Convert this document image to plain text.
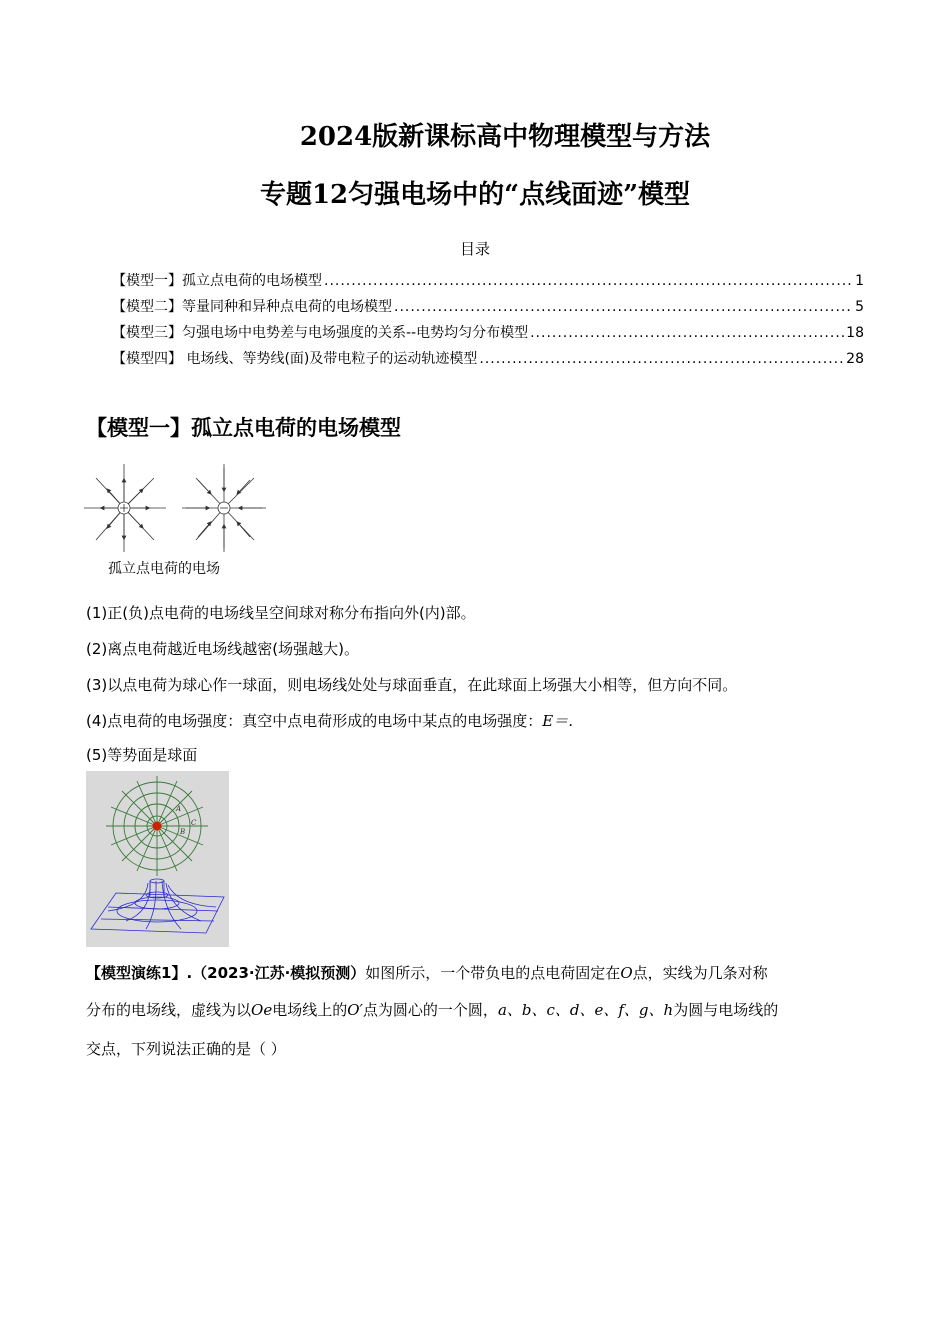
2024版新课标高中物理模型与方法
专题12匀强电场中的“点线面迹”模型
目录
【模型一】孤立点电荷的电场模型 .....	1
【模型二】等量同种和异种点电荷的电场模型 .....	5
【模型三】匀强电场中电势差与电场强度的关系--电势均匀分布模型 .....	18
【模型四】 电场线、等势线(面)及带电粒子的运动轨迹模型 .....	28
【模型一】孤立点电荷的电场模型
孤立点电荷的电场
(1)正(负)点电荷的电场线呈空间球对称分布指向外(内)部。
(2)离点电荷越近电场线越密(场强越大)。
(3)以点电荷为球心作一球面，则电场线处处与球面垂直，在此球面上场强大小相等，但方向不同。
(4)点电荷的电场强度：真空中点电荷形成的电场中某点的电场强度：E＝.
(5)等势面是球面
A
C
B
【模型演练1】.（2023·江苏·模拟预测）如图所示，一个带负电的点电荷固定在O点，实线为几条对称
分布的电场线，虚线为以Oe电场线上的O′点为圆心的一个圆，a、b、c、d、e、f、g、h为圆与电场线的
交点，下列说法正确的是（ ）
